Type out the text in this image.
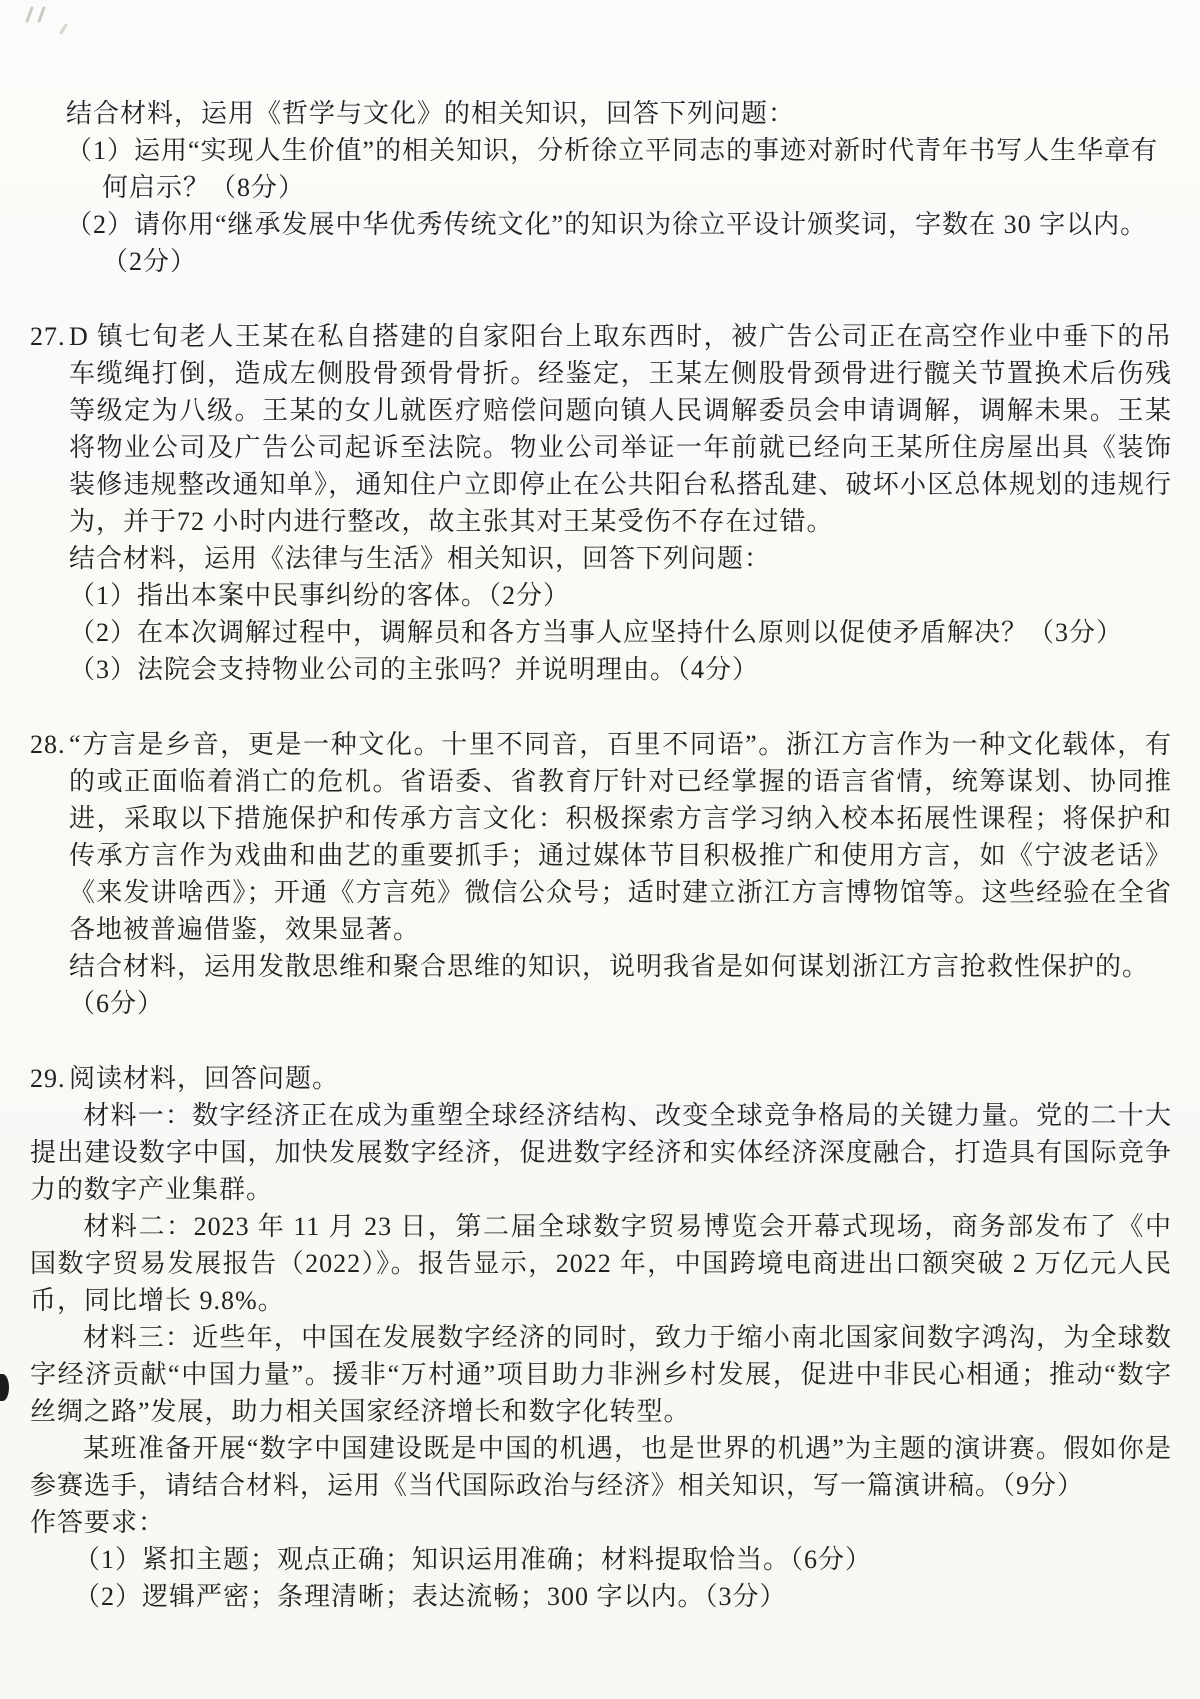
结合材料，运用《哲学与文化》的相关知识，回答下列问题：

（1）运用“实现人生价值”的相关知识，分析徐立平同志的事迹对新时代青年书写人生华章有何启示？（8分）

（2）请你用“继承发展中华优秀传统文化”的知识为徐立平设计颁奖词，字数在 30 字以内。（2分）

27. D 镇七旬老人王某在私自搭建的自家阳台上取东西时，被广告公司正在高空作业中垂下的吊车缆绳打倒，造成左侧股骨颈骨骨折。经鉴定，王某左侧股骨颈骨进行髋关节置换术后伤残等级定为八级。王某的女儿就医疗赔偿问题向镇人民调解委员会申请调解，调解未果。王某将物业公司及广告公司起诉至法院。物业公司举证一年前就已经向王某所住房屋出具《装饰装修违规整改通知单》，通知住户立即停止在公共阳台私搭乱建、破坏小区总体规划的违规行为，并于72 小时内进行整改，故主张其对王某受伤不存在过错。

结合材料，运用《法律与生活》相关知识，回答下列问题：

（1）指出本案中民事纠纷的客体。（2分）

（2）在本次调解过程中，调解员和各方当事人应坚持什么原则以促使矛盾解决？（3分）

（3）法院会支持物业公司的主张吗？并说明理由。（4分）

28. “方言是乡音，更是一种文化。十里不同音，百里不同语”。浙江方言作为一种文化载体，有的或正面临着消亡的危机。省语委、省教育厅针对已经掌握的语言省情，统筹谋划、协同推进，采取以下措施保护和传承方言文化：积极探索方言学习纳入校本拓展性课程；将保护和传承方言作为戏曲和曲艺的重要抓手；通过媒体节目积极推广和使用方言，如《宁波老话》《来发讲啥西》；开通《方言苑》微信公众号；适时建立浙江方言博物馆等。这些经验在全省各地被普遍借鉴，效果显著。

结合材料，运用发散思维和聚合思维的知识，说明我省是如何谋划浙江方言抢救性保护的。

（6分）

29. 阅读材料，回答问题。

材料一：数字经济正在成为重塑全球经济结构、改变全球竞争格局的关键力量。党的二十大提出建设数字中国，加快发展数字经济，促进数字经济和实体经济深度融合，打造具有国际竞争力的数字产业集群。

材料二：2023 年 11 月 23 日，第二届全球数字贸易博览会开幕式现场，商务部发布了《中国数字贸易发展报告（2022）》。报告显示，2022 年，中国跨境电商进出口额突破 2 万亿元人民币，同比增长 9.8%。

材料三：近些年，中国在发展数字经济的同时，致力于缩小南北国家间数字鸿沟，为全球数字经济贡献“中国力量”。援非“万村通”项目助力非洲乡村发展，促进中非民心相通；推动“数字丝绸之路”发展，助力相关国家经济增长和数字化转型。

某班准备开展“数字中国建设既是中国的机遇，也是世界的机遇”为主题的演讲赛。假如你是参赛选手，请结合材料，运用《当代国际政治与经济》相关知识，写一篇演讲稿。（9分）

作答要求：

（1）紧扣主题；观点正确；知识运用准确；材料提取恰当。（6分）

（2）逻辑严密；条理清晰；表达流畅；300 字以内。（3分）
